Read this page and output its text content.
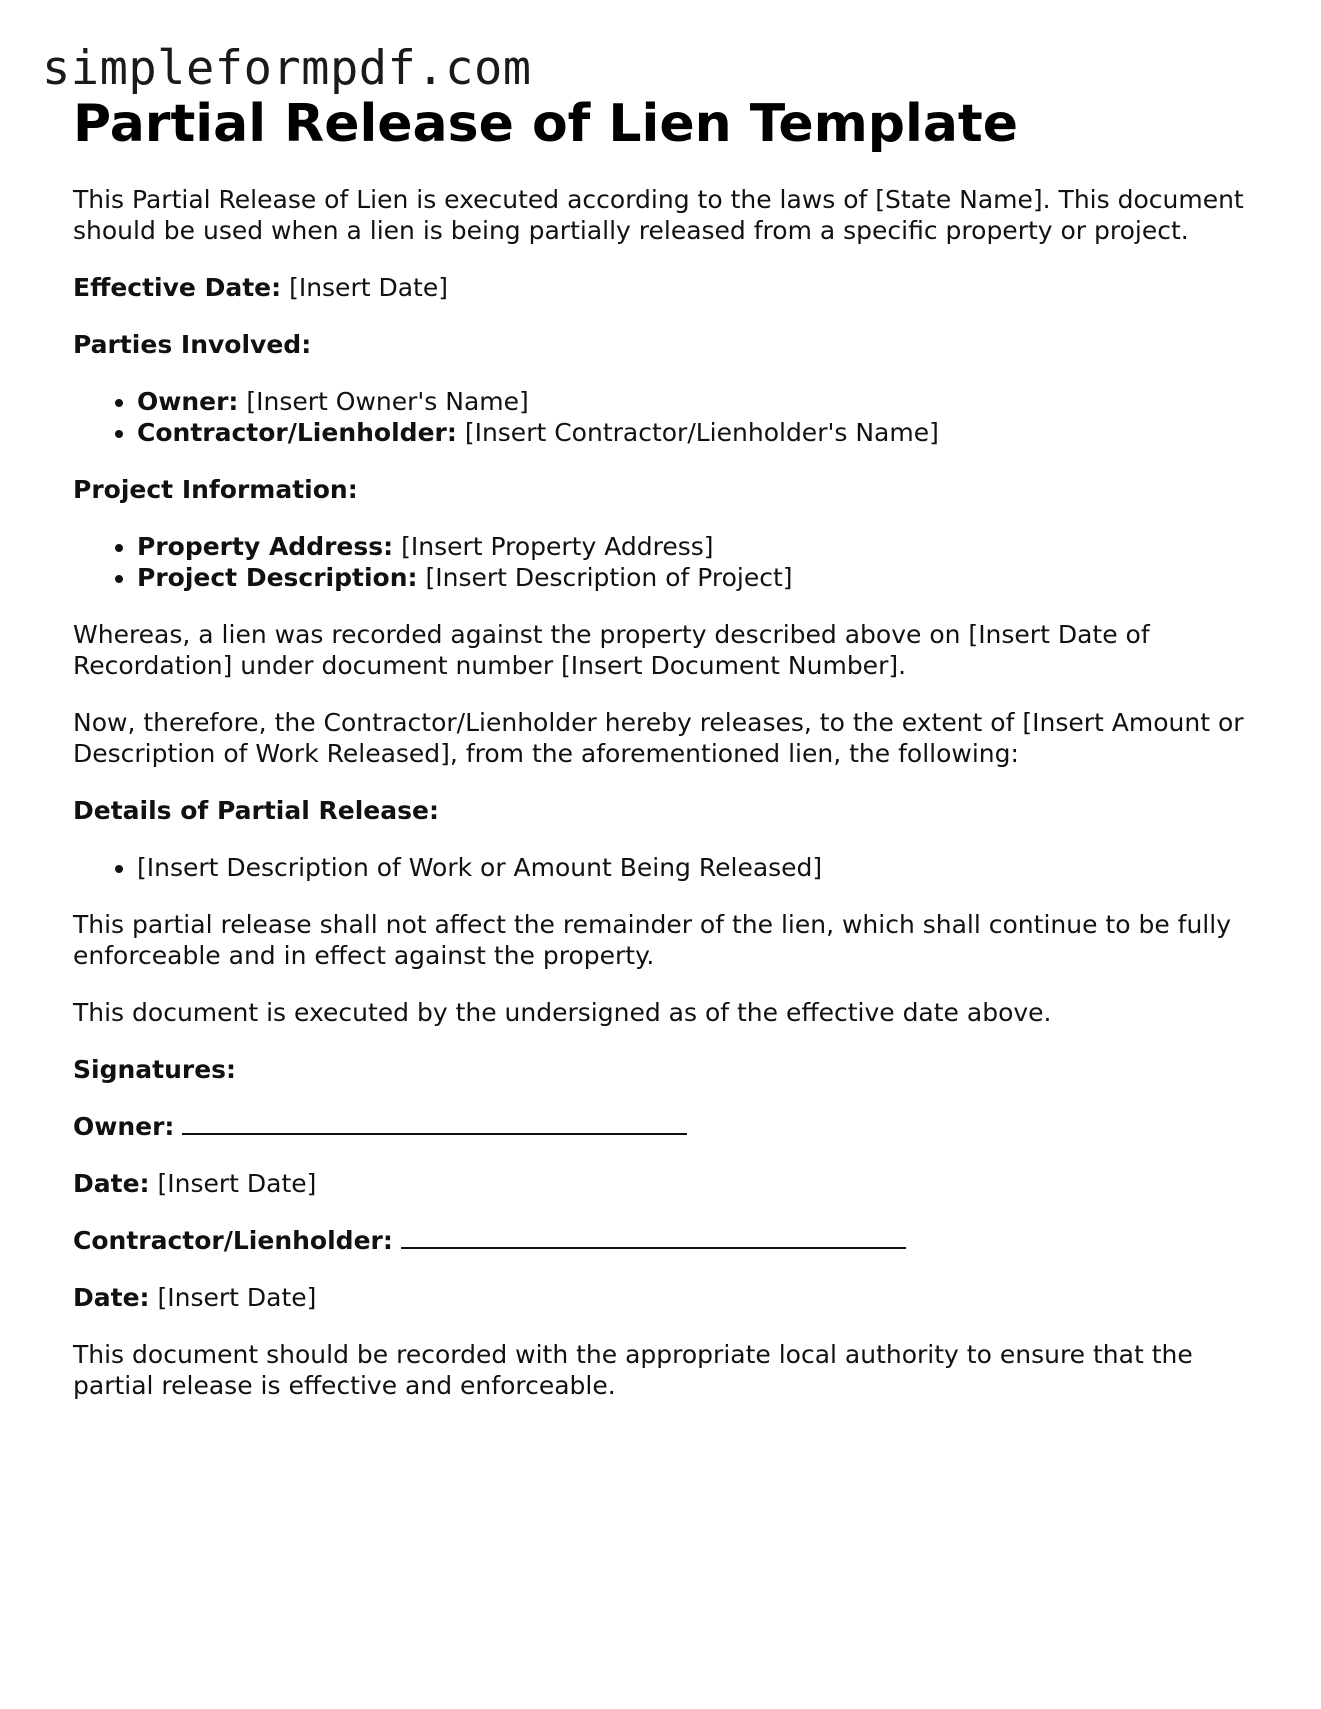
simpleformpdf.com
Partial Release of Lien Template

This Partial Release of Lien is executed according to the laws of [State Name]. This document should be used when a lien is being partially released from a specific property or project.

Effective Date: [Insert Date]

Parties Involved:

• Owner: [Insert Owner's Name]
• Contractor/Lienholder: [Insert Contractor/Lienholder's Name]

Project Information:

• Property Address: [Insert Property Address]
• Project Description: [Insert Description of Project]

Whereas, a lien was recorded against the property described above on [Insert Date of Recordation] under document number [Insert Document Number].

Now, therefore, the Contractor/Lienholder hereby releases, to the extent of [Insert Amount or Description of Work Released], from the aforementioned lien, the following:

Details of Partial Release:

• [Insert Description of Work or Amount Being Released]

This partial release shall not affect the remainder of the lien, which shall continue to be fully enforceable and in effect against the property.

This document is executed by the undersigned as of the effective date above.

Signatures:

Owner:

Date: [Insert Date]

Contractor/Lienholder:

Date: [Insert Date]

This document should be recorded with the appropriate local authority to ensure that the partial release is effective and enforceable.
